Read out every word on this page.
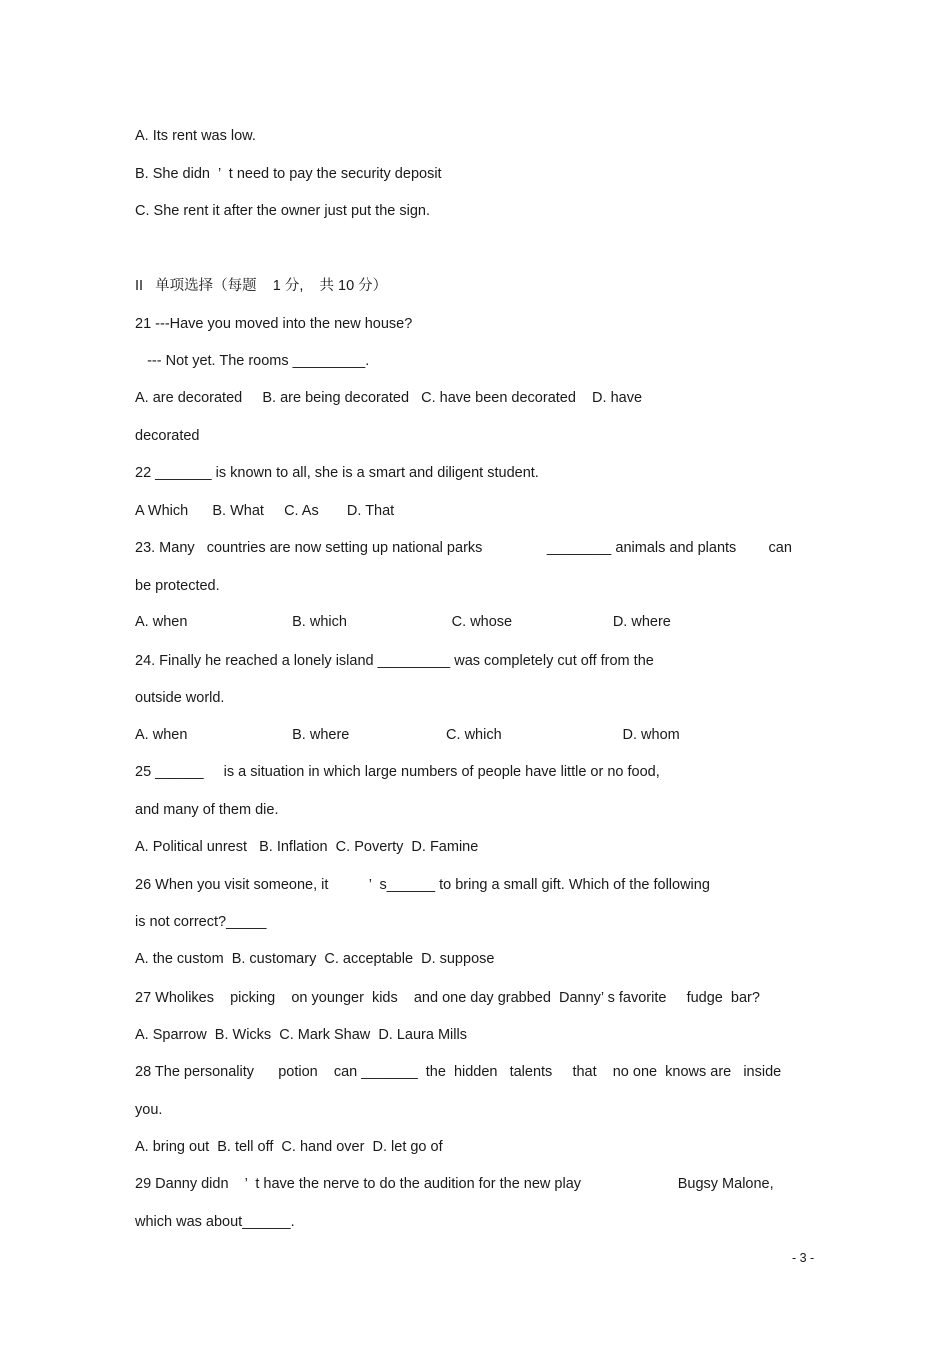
A. Its rent was low.
B. She didn  ’  t need to pay the security deposit
C. She rent it after the owner just put the sign.
II   单项选择（每题    1 分,    共 10 分）
21 ---Have you moved into the new house?
--- Not yet. The rooms _________.
A. are decorated     B. are being decorated   C. have been decorated    D. have
decorated
22 _______ is known to all, she is a smart and diligent student.
A Which      B. What     C. As       D. That
23. Many   countries are now setting up national parks                ________ animals and plants        can
be protected.
A. when                          B. which                          C. whose                         D. where
24. Finally he reached a lonely island _________ was completely cut off from the
outside world.
A. when                          B. where                        C. which                              D. whom
25 ______     is a situation in which large numbers of people have little or no food,
and many of them die.
A. Political unrest   B. Inflation  C. Poverty  D. Famine
26 When you visit someone, it          ’  s______ to bring a small gift. Which of the following
is not correct?_____
A. the custom  B. customary  C. acceptable  D. suppose
27 Wholikes    picking    on younger  kids    and one day grabbed  Danny’ s favorite     fudge  bar?
A. Sparrow  B. Wicks  C. Mark Shaw  D. Laura Mills
28 The personality      potion    can _______  the  hidden   talents     that    no one  knows are   inside
you.
A. bring out  B. tell off  C. hand over  D. let go of
29 Danny didn    ’  t have the nerve to do the audition for the new play                        Bugsy Malone,
which was about______.
- 3 -
